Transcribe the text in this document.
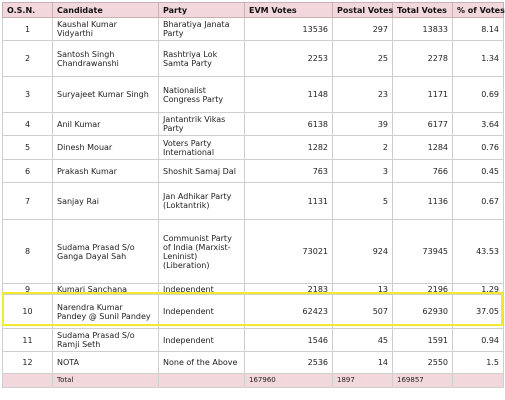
O.S.N.	Candidate	Party	EVM Votes	Postal Votes	Total Votes	% of Votes
1	Kaushal Kumar Vidyarthi	Bharatiya Janata Party	13536	297	13833	8.14
2	Santosh Singh Chandrawanshi	Rashtriya Lok Samta Party	2253	25	2278	1.34
3	Suryajeet Kumar Singh	Nationalist Congress Party	1148	23	1171	0.69
4	Anil Kumar	Jantantrik Vikas Party	6138	39	6177	3.64
5	Dinesh Mouar	Voters Party International	1282	2	1284	0.76
6	Prakash Kumar	Shoshit Samaj Dal	763	3	766	0.45
7	Sanjay Rai	Jan Adhikar Party (Loktantrik)	1131	5	1136	0.67
8	Sudama Prasad S/o Ganga Dayal Sah	Communist Party of India (Marxist-Leninist) (Liberation)	73021	924	73945	43.53
9	Kumari Sanchana	Independent	2183	13	2196	1.29
10	Narendra Kumar Pandey @ Sunil Pandey	Independent	62423	507	62930	37.05
11	Sudama Prasad S/o Ramji Seth	Independent	1546	45	1591	0.94
12	NOTA	None of the Above	2536	14	2550	1.5
	Total		167960	1897	169857	
